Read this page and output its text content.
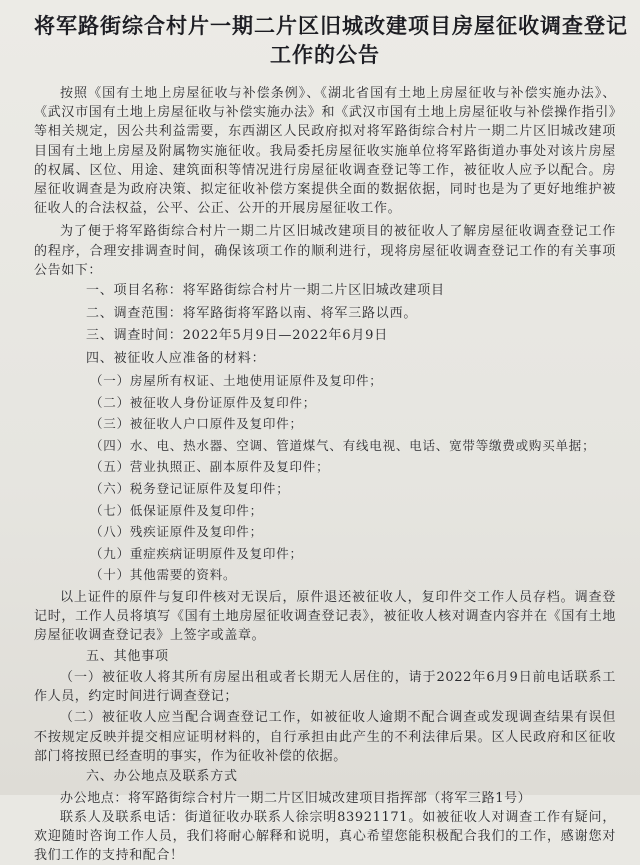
将军路街综合村片一期二片区旧城改建项目房屋征收调查登记
工作的公告

按照《国有土地上房屋征收与补偿条例》、《湖北省国有土地上房屋征收与补偿实施办法》、《武汉市国有土地上房屋征收与补偿实施办法》和《武汉市国有土地上房屋征收与补偿操作指引》等相关规定，因公共利益需要，东西湖区人民政府拟对将军路街综合村片一期二片区旧城改建项目国有土地上房屋及附属物实施征收。我局委托房屋征收实施单位将军路街道办事处对该片房屋的权属、区位、用途、建筑面积等情况进行房屋征收调查登记等工作，被征收人应予以配合。房屋征收调查是为政府决策、拟定征收补偿方案提供全面的数据依据，同时也是为了更好地维护被征收人的合法权益，公平、公正、公开的开展房屋征收工作。

为了便于将军路街综合村片一期二片区旧城改建项目的被征收人了解房屋征收调查登记工作的程序，合理安排调查时间，确保该项工作的顺利进行，现将房屋征收调查登记工作的有关事项公告如下：

一、项目名称：将军路街综合村片一期二片区旧城改建项目
二、调查范围：将军路街将军路以南、将军三路以西。
三、调查时间：2022年5月9日—2022年6月9日
四、被征收人应准备的材料：
（一）房屋所有权证、土地使用证原件及复印件；
（二）被征收人身份证原件及复印件；
（三）被征收人户口原件及复印件；
（四）水、电、热水器、空调、管道煤气、有线电视、电话、宽带等缴费或购买单据；
（五）营业执照正、副本原件及复印件；
（六）税务登记证原件及复印件；
（七）低保证原件及复印件；
（八）残疾证原件及复印件；
（九）重症疾病证明原件及复印件；
（十）其他需要的资料。

以上证件的原件与复印件核对无误后，原件退还被征收人，复印件交工作人员存档。调查登记时，工作人员将填写《国有土地房屋征收调查登记表》，被征收人核对调查内容并在《国有土地房屋征收调查登记表》上签字或盖章。

五、其他事项

（一）被征收人将其所有房屋出租或者长期无人居住的，请于2022年6月9日前电话联系工作人员，约定时间进行调查登记；

（二）被征收人应当配合调查登记工作，如被征收人逾期不配合调查或发现调查结果有误但不按规定反映并提交相应证明材料的，自行承担由此产生的不利法律后果。区人民政府和区征收部门将按照已经查明的事实，作为征收补偿的依据。

六、办公地点及联系方式

办公地点：将军路街综合村片一期二片区旧城改建项目指挥部（将军三路1号）

联系人及联系电话：街道征收办联系人徐宗明83921171。如被征收人对调查工作有疑问，欢迎随时咨询工作人员，我们将耐心解释和说明，真心希望您能积极配合我们的工作，感谢您对我们工作的支持和配合！
